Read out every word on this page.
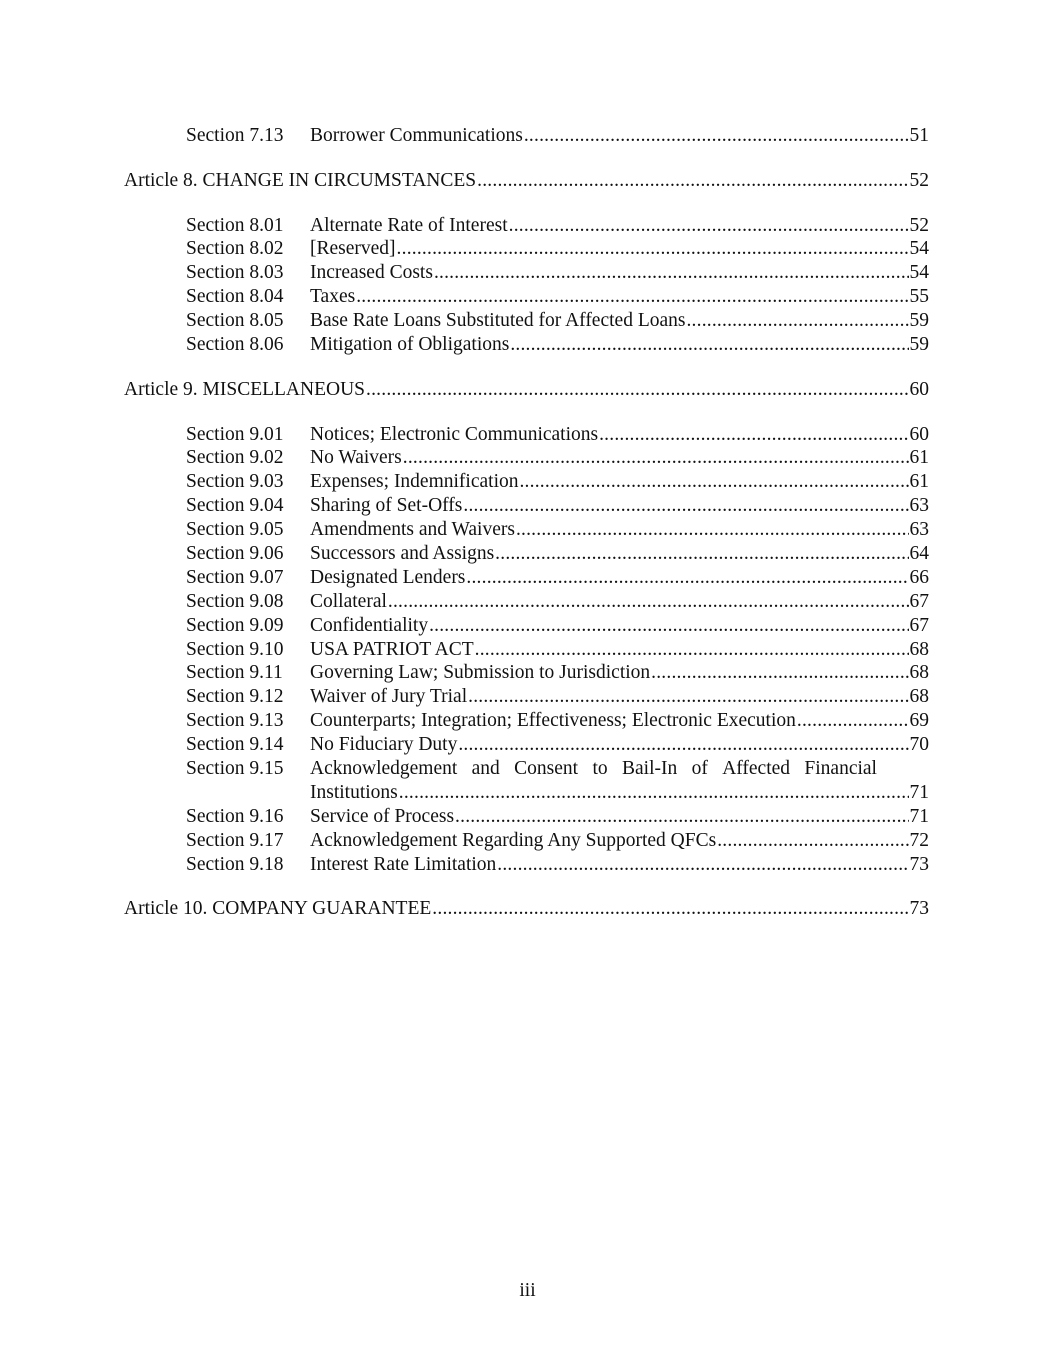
Section 7.13 Borrower Communications .....	51
Article 8. CHANGE IN CIRCUMSTANCES .....	52
Section 8.01 Alternate Rate of Interest .....	52
Section 8.02 [Reserved] .....	54
Section 8.03 Increased Costs .....	54
Section 8.04 Taxes .....	55
Section 8.05 Base Rate Loans Substituted for Affected Loans .....	59
Section 8.06 Mitigation of Obligations .....	59
Article 9. MISCELLANEOUS .....	60
Section 9.01 Notices; Electronic Communications .....	60
Section 9.02 No Waivers .....	61
Section 9.03 Expenses; Indemnification .....	61
Section 9.04 Sharing of Set-Offs .....	63
Section 9.05 Amendments and Waivers .....	63
Section 9.06 Successors and Assigns .....	64
Section 9.07 Designated Lenders .....	66
Section 9.08 Collateral .....	67
Section 9.09 Confidentiality .....	67
Section 9.10 USA PATRIOT ACT .....	68
Section 9.11 Governing Law; Submission to Jurisdiction .....	68
Section 9.12 Waiver of Jury Trial .....	68
Section 9.13 Counterparts; Integration; Effectiveness; Electronic Execution .....	69
Section 9.14 No Fiduciary Duty .....	70
Section 9.15 Acknowledgement and Consent to Bail-In of Affected Financial
Institutions .....	71
Section 9.16 Service of Process .....	71
Section 9.17 Acknowledgement Regarding Any Supported QFCs .....	72
Section 9.18 Interest Rate Limitation .....	73
Article 10. COMPANY GUARANTEE .....	73
iii
